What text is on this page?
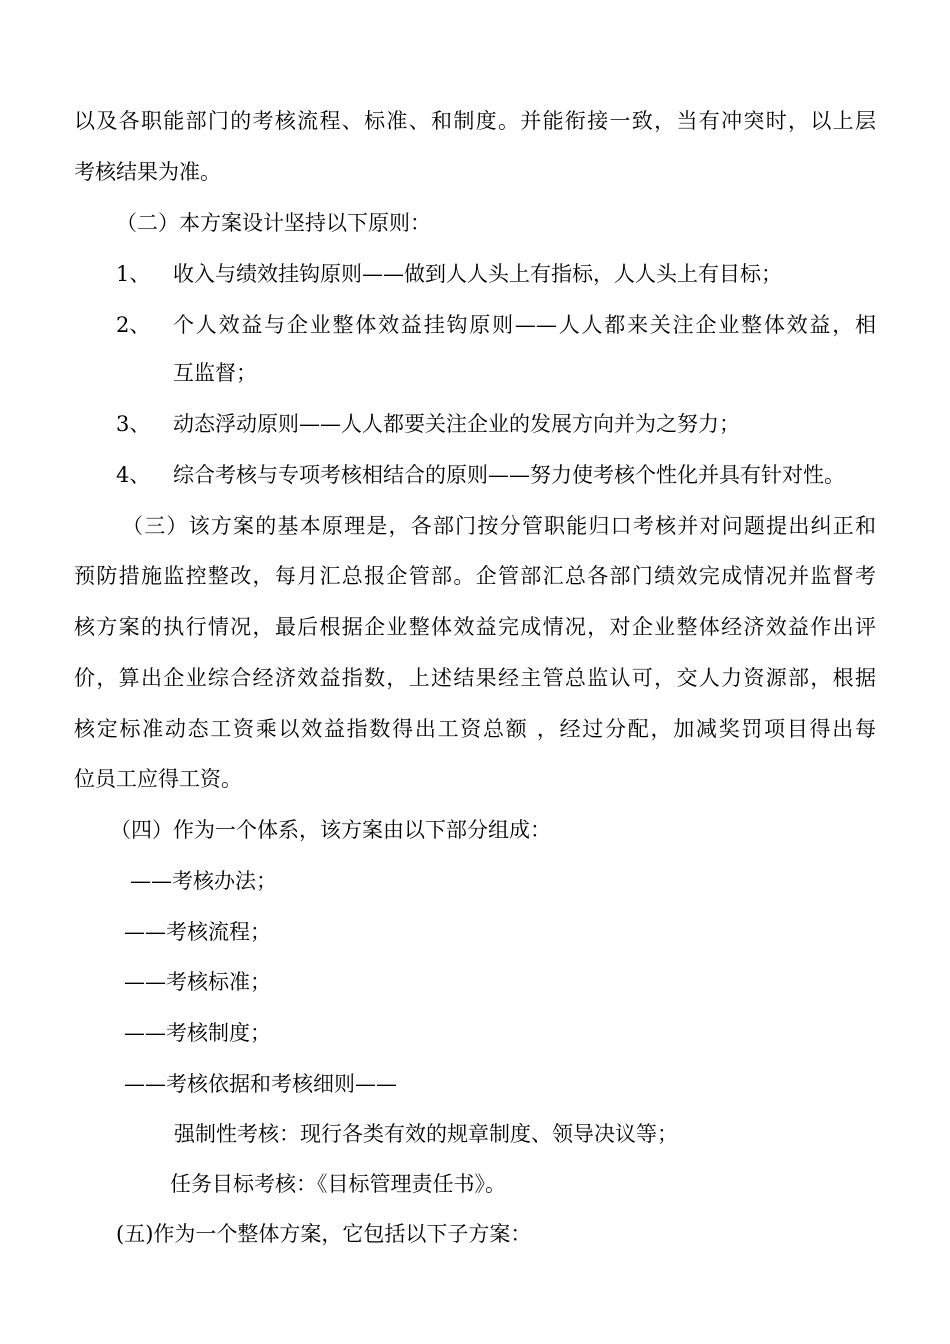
以及各职能部门的考核流程、标准、和制度。并能衔接一致，当有冲突时，以上层
考核结果为准。
（二）本方案设计坚持以下原则：
1、 收入与绩效挂钩原则——做到人人头上有指标，人人头上有目标；
2、 个人效益与企业整体效益挂钩原则——人人都来关注企业整体效益，相
互监督；
3、 动态浮动原则——人人都要关注企业的发展方向并为之努力；
4、 综合考核与专项考核相结合的原则——努力使考核个性化并具有针对性。
（三）该方案的基本原理是，各部门按分管职能归口考核并对问题提出纠正和
预防措施监控整改，每月汇总报企管部。企管部汇总各部门绩效完成情况并监督考
核方案的执行情况，最后根据企业整体效益完成情况，对企业整体经济效益作出评
价，算出企业综合经济效益指数，上述结果经主管总监认可，交人力资源部，根据
核定标准动态工资乘以效益指数得出工资总额 ，经过分配，加减奖罚项目得出每
位员工应得工资。
（四）作为一个体系，该方案由以下部分组成：
——考核办法；
——考核流程；
——考核标准；
——考核制度；
——考核依据和考核细则——
强制性考核：现行各类有效的规章制度、领导决议等；
任务目标考核：《目标管理责任书》。
(五)作为一个整体方案，它包括以下子方案：
